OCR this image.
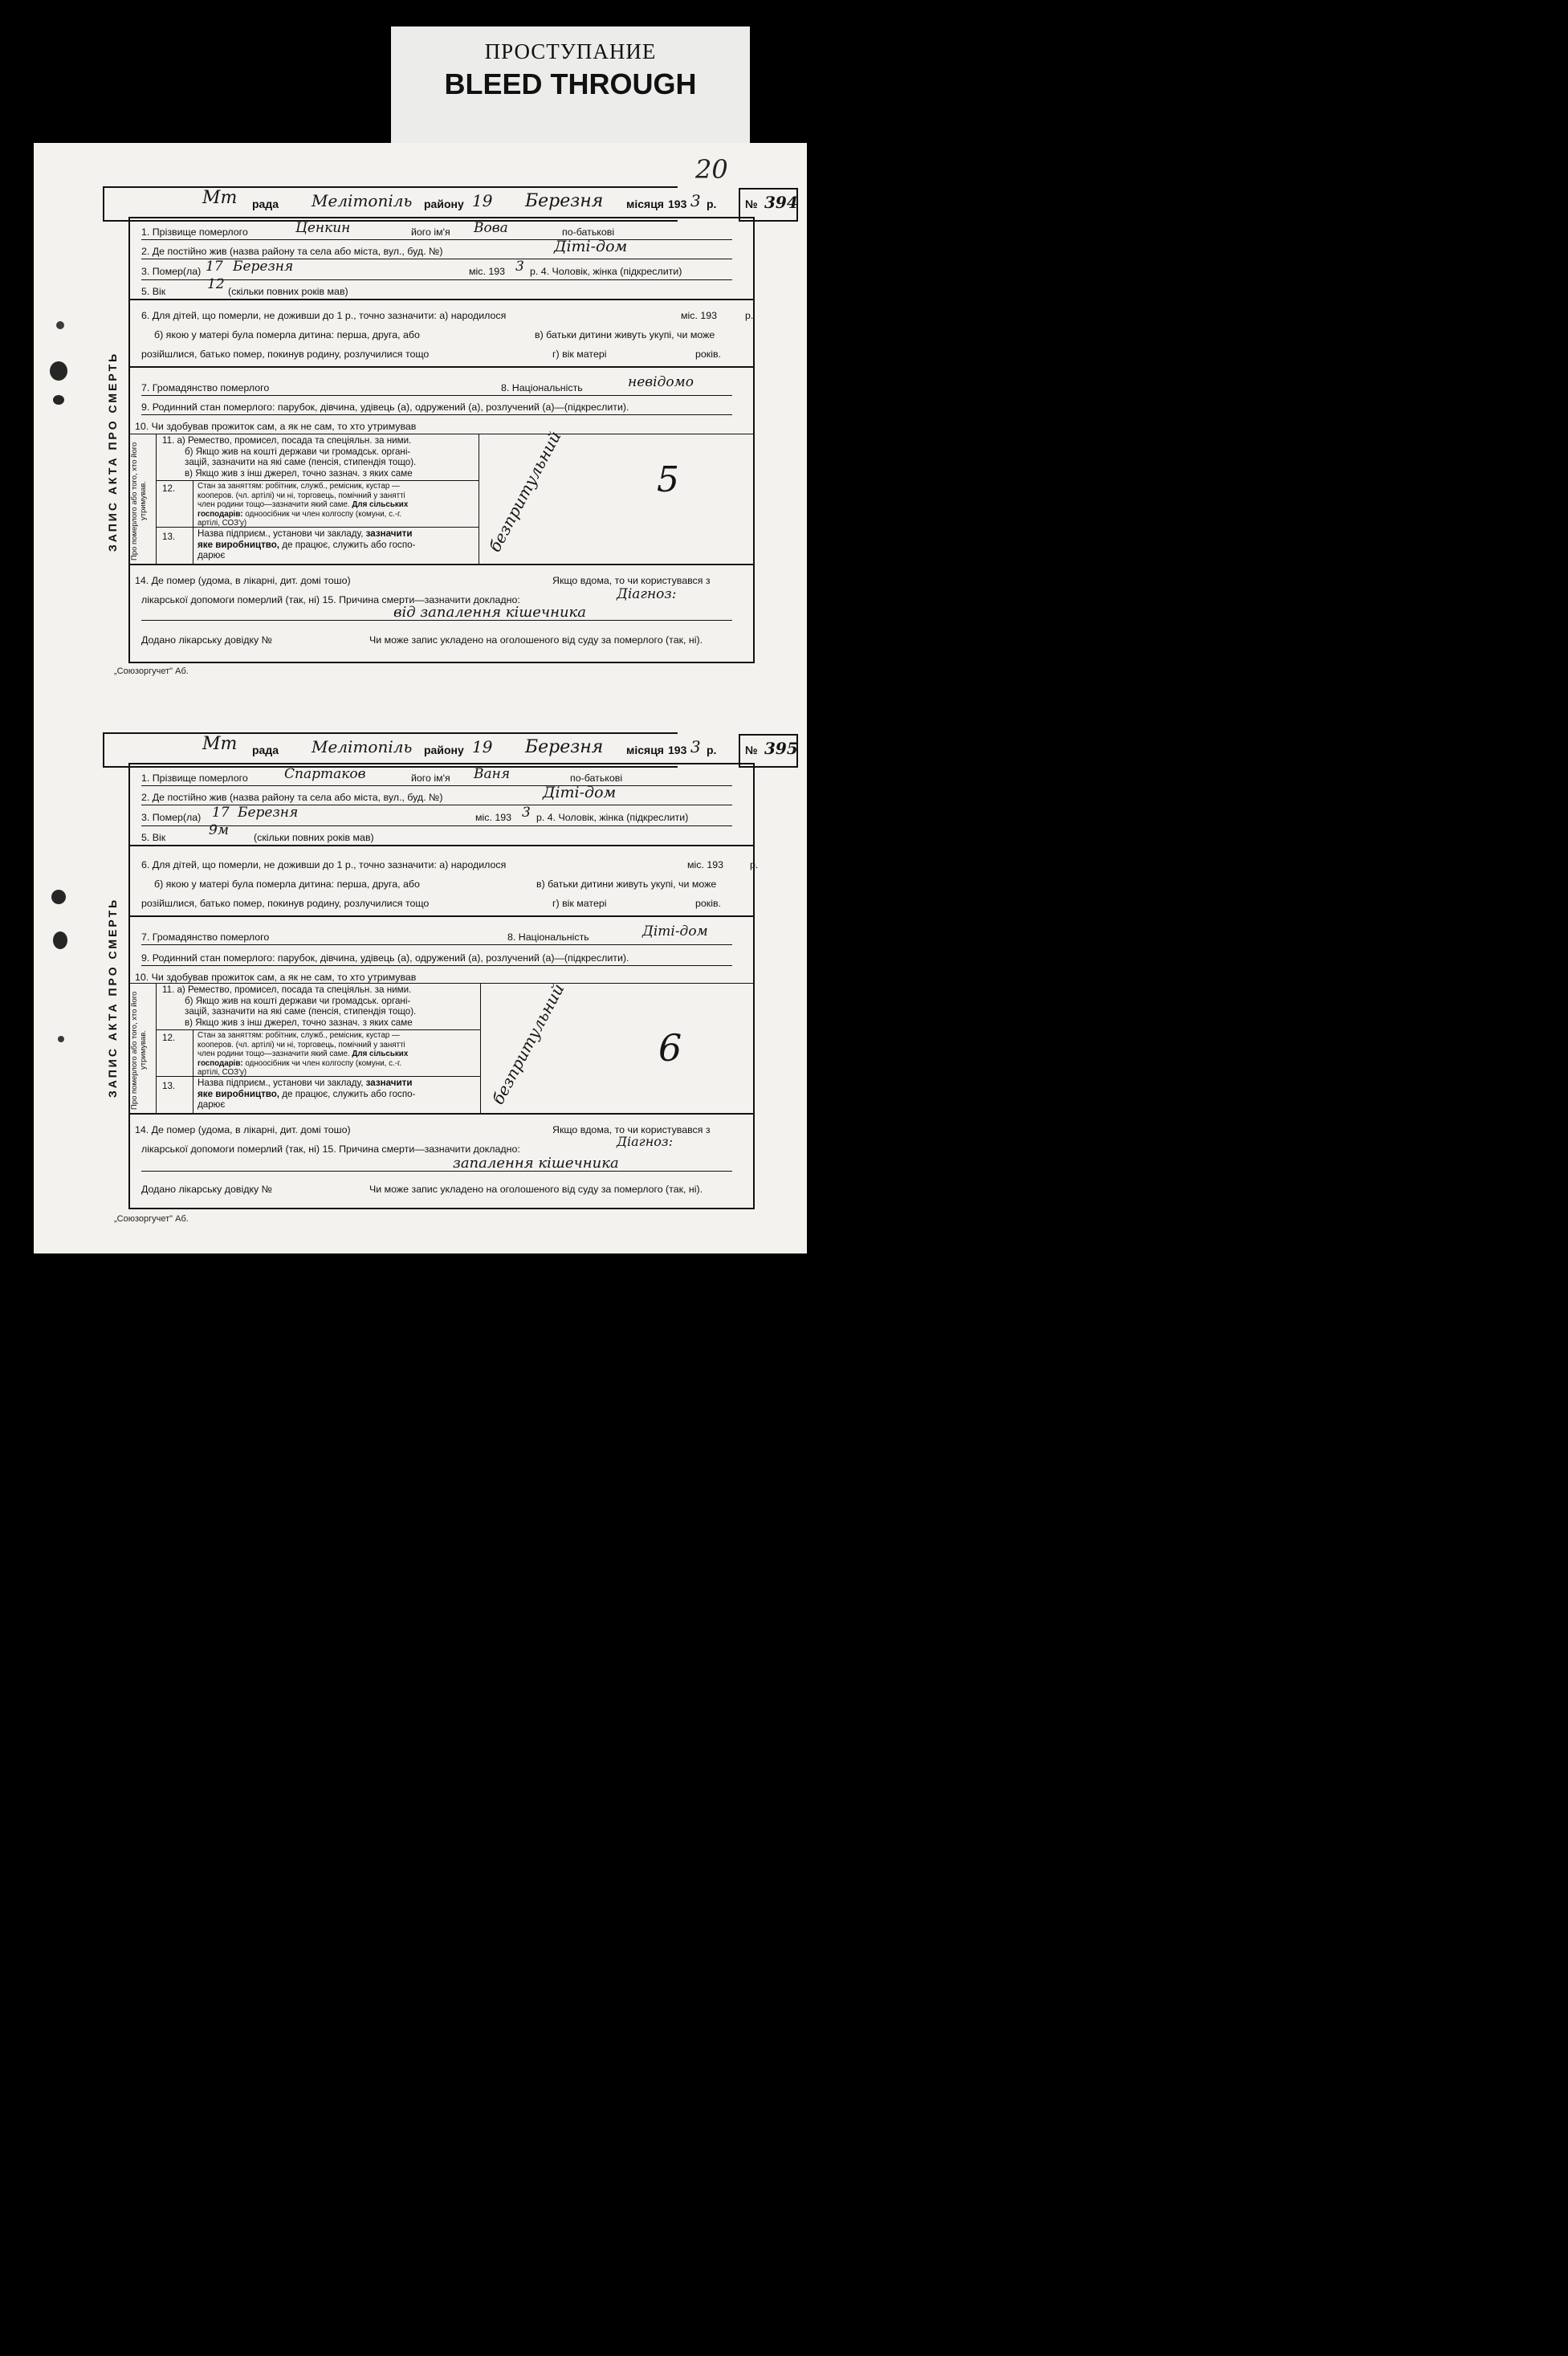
ПРОСТУПАНИЕ
BLEED THROUGH
20
Мт рада Мелітопіль району 19 Березня місяця 193 3 р.	№ 394
ЗАПИС АКТА ПРО СМЕРТЬ
1. Прізвище померлого	Ценкин	його ім'я Вова	по-батькові
2. Де постійно жив (назва району та села або міста, вул., буд. №)	Діті-дом
3. Помер(ла) 17 Березня	міс. 193 3 р. 4. Чоловік, жінка (підкреслити)
5. Вік	12 (скільки повних років мав)
6. Для дітей, що померли, не доживши до 1 р., точно зазначити: а) народилося	міс. 193	р.
б) якою у матері була померла дитина: перша, друга, або	в) батьки дитини живуть укупі, чи може
розійшлися, батько помер, покинув родину, розлучилися тощо	г) вік матері	років.
7. Громадянство померлого	8. Національність	невідомо
9. Родинний стан померлого: парубок, дівчина, удівець (а), одружений (а), розлучений (а)—(підкреслити).
10. Чи здобував прожиток сам, а як не сам, то хто утримував
Про померлого або того, хто його утримував.
11. а) Ремество, промисел, посада та спеціяльн. за ними.
б) Якщо жив на коштi держави чи громадськ. органі-
зацій, зазначити на які саме (пенсія, стипендія тощо).
в) Якщо жив з інш джерел, точно зазнач. з яких саме
12.	Стан за заняттям: робітник, служб., ремісник, кустар —
кооперов. (чл. артілі) чи ні, торговець, помічний у занятті
член родини тощо—зазначити який саме. Для сільських
господарів: одноосібник чи член колгоспу (комуни, с.-г.
артілі, СОЗ'у)
13. Назва підприєм., установи чи закладу, зазначити
яке виробництво, де працює, служить або госпо-
дарює
безпритульний	5
14. Де помер (удома, в лікарні, дит. домі тошо)	Якщо вдома, то чи користувався з
лікарської допомоги померлий (так, ні) 15. Причина смерти—зазначити докладно:	Діагноз:
від запалення кішечника
Додано лікарську довідку №	Чи може запис укладено на оголошеного від суду за померлого (так, ні).
„Союзоргучет" Аб.
Мт рада Мелітопіль району 19 Березня місяця 193 3 р.	№ 395
ЗАПИС АКТА ПРО СМЕРТЬ
1. Прізвище померлого	Спартаков	його ім'я Ваня	по-батькові
2. Де постійно жив (назва району та села або міста, вул., буд. №)	Діті-дом
3. Помер(ла) 17 Березня	міс. 193 3 р. 4. Чоловік, жінка (підкреслити)
5. Вік	9м	(скільки повних років мав)
6. Для дітей, що померли, не доживши до 1 р., точно зазначити: а) народилося	міс. 193	р.
б) якою у матері була померла дитина: перша, друга, або	в) батьки дитини живуть укупі, чи може
розійшлися, батько помер, покинув родину, розлучилися тощо	г) вік матері	років.
7. Громадянство померлого	8. Національність	Діті-дом
9. Родинний стан померлого: парубок, дівчина, удівець (а), одружений (а), розлучений (а)—(підкреслити).
10. Чи здобував прожиток сам, а як не сам, то хто утримував
Про померлого або того, хто його утримував.
11. а) Ремество, промисел, посада та спеціяльн. за ними.
б) Якщо жив на коштi держави чи громадськ. органі-
зацій, зазначити на які саме (пенсія, стипендія тощо).
в) Якщо жив з інш джерел, точно зазнач. з яких саме
12.	Стан за заняттям: робітник, служб., ремісник, кустар —
кооперов. (чл. артілі) чи ні, торговець, помічний у занятті
член родини тощо—зазначити який саме. Для сільських
господарів: одноосібник чи член колгоспу (комуни, с.-г.
артілі, СОЗ'у)
13. Назва підприєм., установи чи закладу, зазначити
яке виробництво, де працює, служить або госпо-
дарює	безпритульний 6
14. Де помер (удома, в лікарні, дит. домі тошо)	Якщо вдома, то чи користувався з
лікарської допомоги померлий (так, ні) 15. Причина смерти—зазначити докладно:	Діагноз:
запалення кішечника
Додано лікарську довідку №	Чи може запис укладено на оголошеного від суду за померлого (так, ні).
„Союзоргучет" Аб.
